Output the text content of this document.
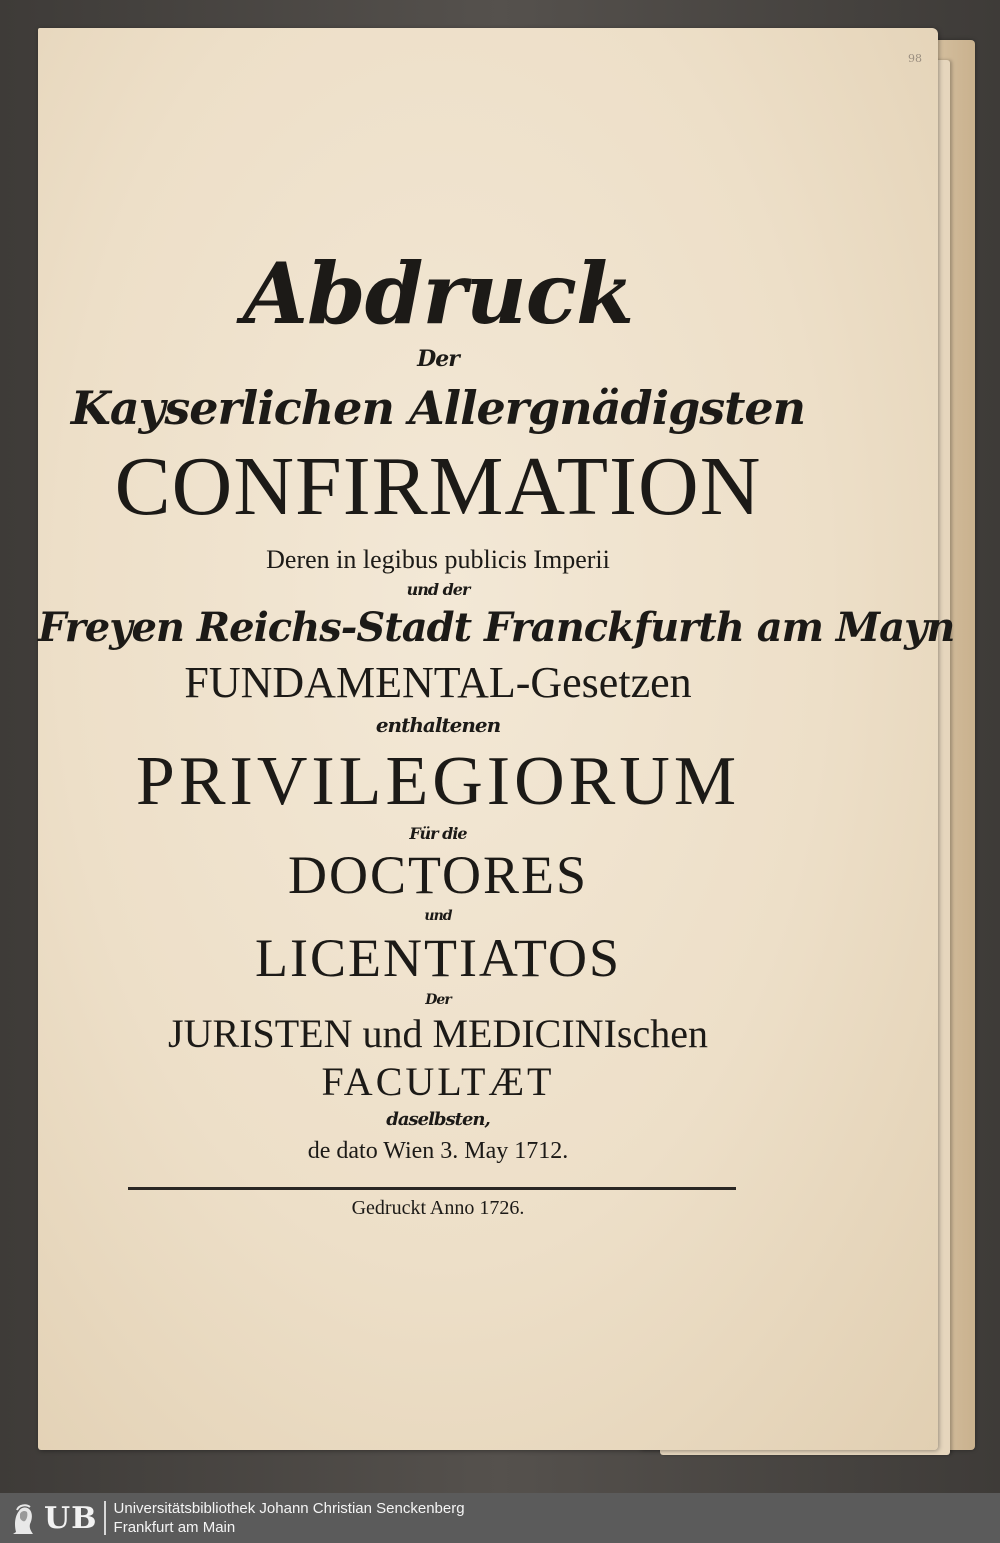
98
Abdruck
Der
Kayserlichen Allergnädigsten
CONFIRMATION
Deren in legibus publicis Imperii
und der
Freyen Reichs-Stadt Franckfurth am Mayn
FUNDAMENTAL-Gesetzen
enthaltenen
PRIVILEGIORUM
Für die
DOCTORES
und
LICENTIATOS
Der
JURISTEN und MEDICINIschen
FACULTÆT
daselbsten,
de dato Wien 3. May 1712.
Gedruckt Anno 1726.
UB Universitätsbibliothek Johann Christian Senckenberg
Frankfurt am Main
